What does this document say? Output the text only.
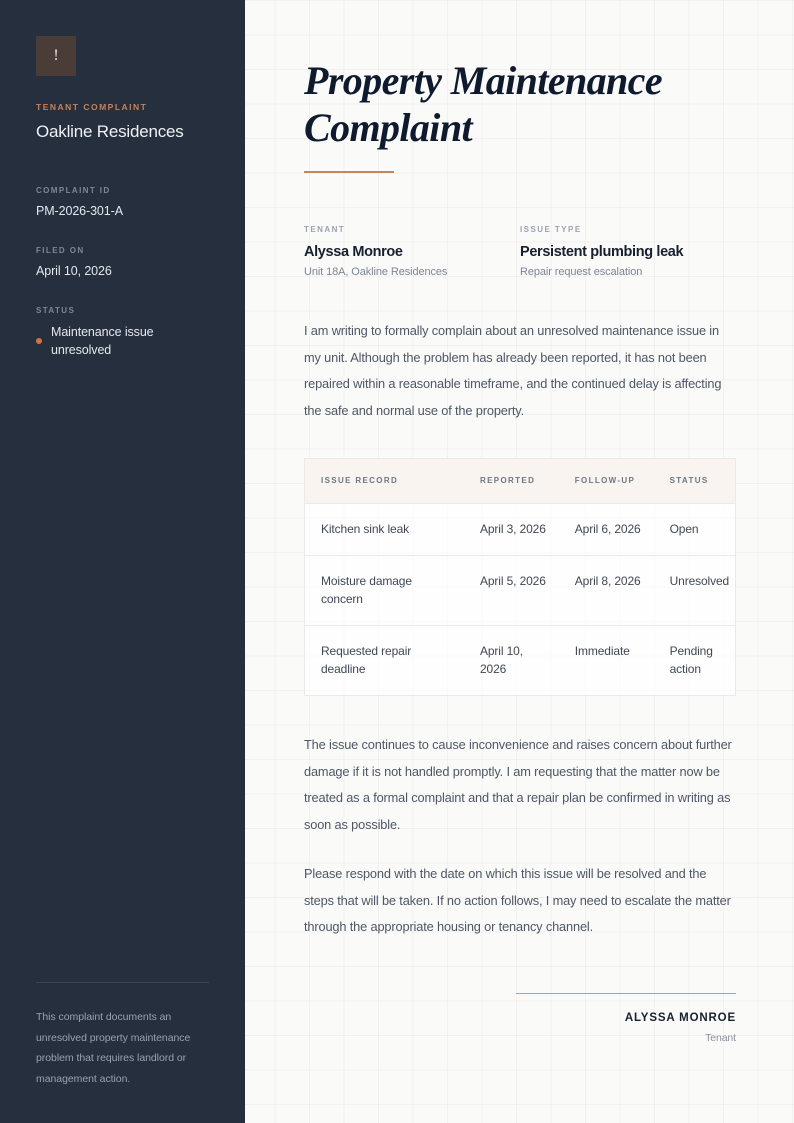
!
TENANT COMPLAINT
Oakline Residences
COMPLAINT ID
PM-2026-301-A
FILED ON
April 10, 2026
STATUS
Maintenance issue unresolved
This complaint documents an unresolved property maintenance problem that requires landlord or management action.
Property Maintenance Complaint
TENANT
Alyssa Monroe
Unit 18A, Oakline Residences
ISSUE TYPE
Persistent plumbing leak
Repair request escalation

I am writing to formally complain about an unresolved maintenance issue in my unit. Although the problem has already been reported, it has not been repaired within a reasonable timeframe, and the continued delay is affecting the safe and normal use of the property.

ISSUE RECORD	REPORTED	FOLLOW-UP	STATUS
Kitchen sink leak	April 3, 2026	April 6, 2026	Open
Moisture damage concern	April 5, 2026	April 8, 2026	Unresolved
Requested repair deadline	April 10, 2026	Immediate	Pending action

The issue continues to cause inconvenience and raises concern about further damage if it is not handled promptly. I am requesting that the matter now be treated as a formal complaint and that a repair plan be confirmed in writing as soon as possible.

Please respond with the date on which this issue will be resolved and the steps that will be taken. If no action follows, I may need to escalate the matter through the appropriate housing or tenancy channel.

ALYSSA MONROE
Tenant
